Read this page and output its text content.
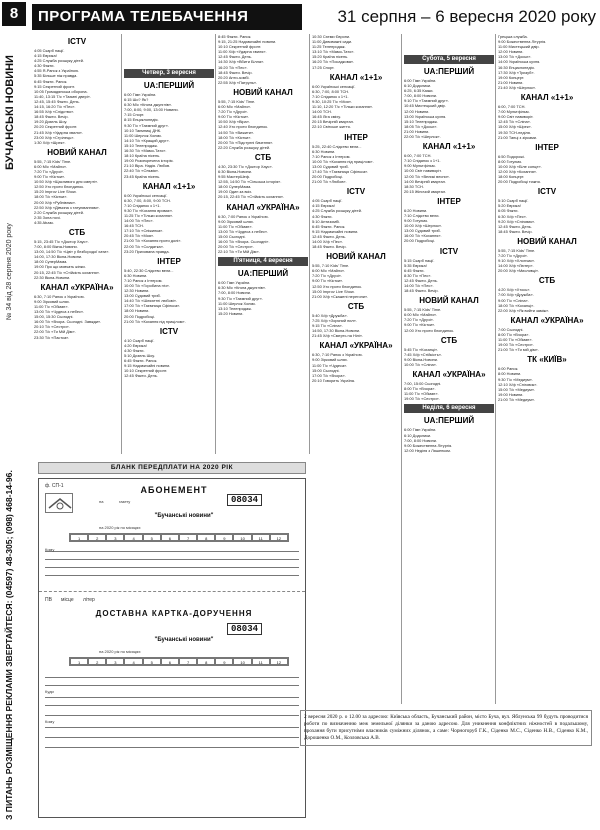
8
БУЧАНСЬКІ НОВИНИ
№ 34 від 28 серпня 2020 року
З ПИТАНЬ РОЗМІЩЕННЯ РЕКЛАМИ ЗВЕРТАЙТЕСЯ: (04597) 48-305; (098) 468-14-96.
ПРОГРАМА ТЕЛЕБАЧЕННЯ	31 серпня – 6 вересня 2020 року
ICTV
4:05 Скарб нації.
4:15 Еврика!
4:25 Служба розшуку дітей.
4:30 Факти.
4:55 Я-Ранок з Україною.
5:35 Більше ніж правда.
6:45 Факти. Ранок.
9:15 Секретний фронт.
10:05 Громадянська оборона.
11:40, 13:15 Т/с «Таємні двері».
12:45, 15:45 Факти. День.
14:15, 16:20 Т/с «Пес».
16:55 Х/ф «Слідство».
18:45 Факти. Вечір.
19:20 Дизель Шоу.
20:20 Секретний фронт.
21:45 Х/ф «Ударна хвиля».
23:00 Х/ф «Стрілець».
1:30 Х/ф «Шрек».
НОВИЙ КАНАЛ
5:55, 7:15 Kids' Time.
6:00 М/с «Майлз».
7:20 Т/с «Друзі».
9:00 Т/с «Кістки».
10:50 Х/ф «Щасливого дня смерті».
12:50 Хто проти блондинок.
15:20 Improv Live Show.
18:00 Т/с «Кістки».
20:00 Х/ф «Руйнівник».
22:50 Х/ф «Дівчина з татуюванням».
2:20 Служба розшуку дітей.
2:35 Зона ночі.
4:35 Abzac.
СТБ
5:15, 23:45 Т/с «Доктор Хаус».
7:00, 8:00 Вікна-Новини.
13:00, 14:50 Т/с «Цвіт у безбородої хати».
14:00, 17:30 Вікна-Новини.
18:00 СуперМама.
19:00 Про що мовчать жінки.
20:15, 22:45 Т/с «Стійкість кохання».
22:30 Вікна-Новини.
КАНАЛ «УКРАЇНА»
6:30, 7:10 Ранок з Україною.
9:00 Зірковий шлях.
11:00 Т/с «Обман».
13:00 Т/с «Чудеса з небес».
15:00, 15:30 Сьогодні.
16:00 Т/с «Вчора. Сьогодні. Завжди».
20:10 Т/с «Сестри».
22:00 Т/с «Ти Мій Дім».
23:30 Т/с «Пастка».
Четвер, 3 вересня
UA:ПЕРШИЙ
6:00 Гімн України.
6:15 Шо? Як?
6:30 М/с «Книга джунглів».
7:00, 8:00, 9:00, 13:00 Новини.
7:15 Спорт.
8:15 Енциклопедія.
9:30 Т/с «Таємний друг».
10:10 Таємниці ДНК.
11:00 Шерлок Холмс.
14:10 Т/с «Кращий друг».
15:10 Телепродаж.
16:30 Т/с «Мамо-Тато».
18:10 Країна пісень.
19:00 Розсекречена історія.
21:10 Віра. Надія. Любов.
22:40 Т/с «Ольвія».
23:45 Країна пісень.
КАНАЛ «1+1»
6:00 Українські сенсації.
6:30, 7:00, 8:00, 9:00 ТСН.
7:10 Сніданок з 1+1.
9:30 Т/с «Кохання вриває».
11:25 Т/с «Тільки кохання».
14:00 Т/с «Пес».
16:45 ТСН.
17:10 Т/с «Сніжинка».
20:45 Т/с «Моя».
21:00 Т/с «Кохання проти долі».
22:00 Т/с «Солдатка».
23:20 Прихована правда.
ІНТЕР
5:40, 22:30 Слідство вели...
6:30 Новини.
7:10 Ранок з Інтером.
10:00 Т/с «Горобина ніч».
12:30 Новини.
13:00 Судовий триб.
14:40 Т/с «Шляхетні любові».
17:00 Т/с «Таємниця Сфінкса».
18:00 Новини.
20:00 Подробиці.
21:00 Т/с «Кохання під прицілом».
ICTV
4:10 Скарб нації.
4:20 Еврика!
4:30 Факти.
5:10 Дизель Шоу.
6:45 Факти. Ранок.
9:15 Надзвичайні новини.
10:10 Секретний фронт.
12:45 Факти. День.
8:45 Факти. Ранок.
9:15, 21:25 Надзвичайні новини.
10:10 Секретний фронт.
11:00 Х/ф «Ударна хвиля».
12:45 Факти. День.
14:30 Х/ф «Вбити Білла».
16:20 Т/с «Пес».
18:45 Факти. Вечір.
20:20 Анти-зомбі.
22:55 Х/ф «Патруль».
НОВИЙ КАНАЛ
5:55, 7:15 Kids' Time.
6:00 М/с «Майлз».
7:20 Т/с «Друзі».
9:00 Т/с «Кістки».
10:50 Х/ф «Віра».
12:40 Хто проти блондинок.
14:50 Т/с «Вижити».
18:00 Т/с «Кістки».
20:00 Т/с «Підступні бачення».
22:20 Служба розшуку дітей.
СТБ
4:30, 23:30 Т/с «Доктор Хаус».
6:30 Вікна-Новини.
9:55 МастерШеф.
12:55, 14:50 Т/с «Сільська історія».
18:00 СуперМама.
19:00 Один за всіх.
20:15, 22:45 Т/с «Стійкість кохання».
КАНАЛ «УКРАЇНА»
6:30, 7:00 Ранок з Україною.
9:00 Зірковий шлях.
11:00 Т/с «Обман».
13:00 Т/с «Чудеса з небес».
15:00 Сьогодні.
16:00 Т/с «Вчора. Сьогодні».
20:00 Т/с «Сестри».
22:10 Т/с «Ти Мій Дім».
П'ятниця, 4 вересня
UA:ПЕРШИЙ
6:00 Гімн України.
6:30 М/с «Книга джунглів».
7:00, 8:00 Новини.
9:30 Т/с «Таємний друг».
11:00 Шерлок Холмс.
13:10 Телепродаж.
15:20 Новини.
10:30 Схеми Європи.
11:00 Дивовижні сади.
11:25 Телепродаж.
13:10 Т/с «Мамо-Тато».
15:20 Країна пісень.
16:20 Т/с «Посадкова».
17:25 Спорт.
КАНАЛ «1+1»
6:00 Українські сенсації.
6:30, 7:00, 8:00 ТСН.
7:10 Сніданок з 1+1.
9:30, 10:25 Т/с «Моя».
11:10, 12:20 Т/с «Тільки кохання».
14:00 ТСН.
16:45 Ліга сміху.
20:15 Вечірній квартал.
22:10 Світське життя.
ІНТЕР
5:25, 22:40 Слідство вели...
6:30 Новини.
7:10 Ранок з Інтером.
10:00 Т/с «Кохання під прицілом».
13:00 Судовий триб.
17:40 Т/с «Таємниця Сфінкса».
20:00 Подробиці.
21:00 Т/с «Любов».
ICTV
4:05 Скарб нації.
4:15 Еврика!
4:25 Служба розшуку дітей.
4:30 Факти.
5:10 Антизомбі.
6:45 Факти. Ранок.
9:15 Надзвичайні новини.
12:45 Факти. День.
14:00 Х/ф «Пес».
18:45 Факти. Вечір.
НОВИЙ КАНАЛ
5:55, 7:10 Kids' Time.
6:00 М/с «Майлз».
7:20 Т/с «Друзі».
9:00 Т/с «Кістки».
12:50 Хто проти блондинок.
15:00 Improv Live Show.
21:00 Х/ф «Скажені перегони».
СТБ
5:40 Х/ф «Дружба».
7:25 Х/ф «Зоряний пил».
9:15 Т/с «Сліпа».
14:50, 17:30 Вікна-Новини.
21:45 Х/ф «Смерть на Нілі».
КАНАЛ «УКРАЇНА»
6:30, 7:10 Ранок з Україною.
9:00 Зірковий шлях.
11:00 Т/с «Чудеса».
15:00 Сьогодні.
17:00 Т/с «Вчора».
20:10 Говорить Україна.
Субота, 5 вересня
UA:ПЕРШИЙ
6:00 Гімн України.
6:10 Додолики.
6:25, 6:35 Казки.
7:00, 8:00 Новини.
9:10 Т/с «Таємний друг».
10:45 Мистецький двір.
12:00 Новини.
13:00 Українська кухня.
15:10 Телепродаж.
18:05 Т/с «Досьє».
21:00 Новини.
22:00 Т/с «Шерлок».
КАНАЛ «1+1»
6:00, 7:00 ТСН.
7:10 Сніданок з 1+1.
9:00 Мультфільм.
10:00 Світ навиворіт.
12:00 Т/с «Великі весни».
14:00 Вечірній квартал.
18:30 ТСН.
20:15 Жіночий квартал.
ІНТЕР
6:20 Новини.
7:10 Слідство вели.
9:00 Готуємо.
10:00 Х/ф «Шерлок».
13:00 Судовий триб.
16:00 Т/с «Кохання».
20:00 Подробиці.
ICTV
5:15 Скарб нації.
5:35 Еврика!
6:45 Факти.
8:30 Т/с «Пес».
12:45 Факти. День.
14:00 Т/с «Пес».
18:45 Факти. Вечір.
НОВИЙ КАНАЛ
5:55, 7:15 Kids' Time.
6:00 М/с «Майлз».
7:20 Т/с «Друзі».
9:00 Т/с «Кістки».
12:00 Хто проти блондинок.
СТБ
5:45 Т/с «Коханці».
7:45 Х/ф «Стійкість».
9:00 Вікна-Новини.
10:00 Т/с «Сліпа».
КАНАЛ «УКРАЇНА»
7:00, 15:00 Сьогодні.
8:00 Т/с «Вчора».
11:00 Т/с «Обман».
19:00 Т/с «Сестри».
Неділя, 6 вересня
UA:ПЕРШИЙ
6:00 Гімн України.
6:10 Додолики.
7:00, 8:00 Новини.
9:00 Божественна Літургія.
12:00 Неділя з Ляшенком.
Грецька служба.
9:00 Божественна Літургія.
11:00 Мистецький двір.
12:00 Новини.
13:00 Т/с «Досьє».
14:00 Українська кухня.
16:30 Енциклопедія.
17:30 Х/ф «Тризуб».
19:00 Концерт.
21:00 Новини.
21:40 Х/ф «Шерлок».
КАНАЛ «1+1»
6:00, 7:00 ТСН.
7:00 Мультфільм.
9:00 Світ навиворіт.
12:45 Т/с «Сліпа».
15:00 Х/ф «Шрек».
19:30 ТСН-неділя.
21:00 Танці з зірками.
ІНТЕР
6:50 Подорожі.
8:00 Готуємо.
10:00 Х/ф «Біле сонце».
12:00 Х/ф «Кохання».
18:00 Концерт.
20:00 Подробиці тижня.
ICTV
5:10 Скарб нації.
5:20 Еврика!
6:05 Факти.
6:30 Х/ф «Пес».
9:20 Х/ф «Сніговик».
12:45 Факти. День.
18:45 Факти. Вечір.
НОВИЙ КАНАЛ
5:55, 7:15 Kids' Time.
7:20 Т/с «Друзі».
9:10 Х/ф «Хлопчик».
14:00 Х/ф «Лютер».
20:00 Х/ф «Мисливці».
СТБ
4:20 Х/ф «Хтось».
7:00 Х/ф «Дружба».
9:00 Т/с «Сліпа».
18:00 Т/с «Коханці».
22:00 Х/ф «Як вийти заміж».
КАНАЛ «УКРАЇНА»
7:00 Сьогодні.
8:00 Т/с «Вчора».
11:00 Т/с «Обман».
19:00 Т/с «Сестри».
21:00 Т/с «Ти мій дім».
ТК «КИЇВ»
6:00 Ранок.
8:00 Новини.
9:30 Т/с «Медиум».
12:10 Х/ф «Сніговик».
15:00 Т/с «Медиум».
19:00 Новини.
21:00 Т/с «Медиум».
БЛАНК ПЕРЕДПЛАТИ НА 2020 РІК
ф. СП-1	АБОНЕМЕНТ
на	газету	08034
"Бучанські новини"
на 2020 рік по місяцях:
1	2	3	4	5	6	7	8	9	10	11	12
Кому
ПВ місце літер
ДОСТАВНА КАРТКА-ДОРУЧЕННЯ
08034
"Бучанські новини"
на 2020 рік по місяцях:
1	2	3	4	5	6	7	8	9	10	11	12
Куди
Кому
2 вересня 2020 р. о 12.00 за адресою: Київська область, Бучанський район, місто Буча, вул. Яблунська 99 будуть проводитися роботи по визначенню меж земельної ділянки за даною адресою. Для уникнення конфліктних ніжностей в подальшому, прохання бути присутніми власників суміжних ділянок, а саме: Чорногоруб Г.К., Сіденко М.С., Сіденко Н.В., Сіденко К.М., Дорошенко О.М., Козловська А.В.
